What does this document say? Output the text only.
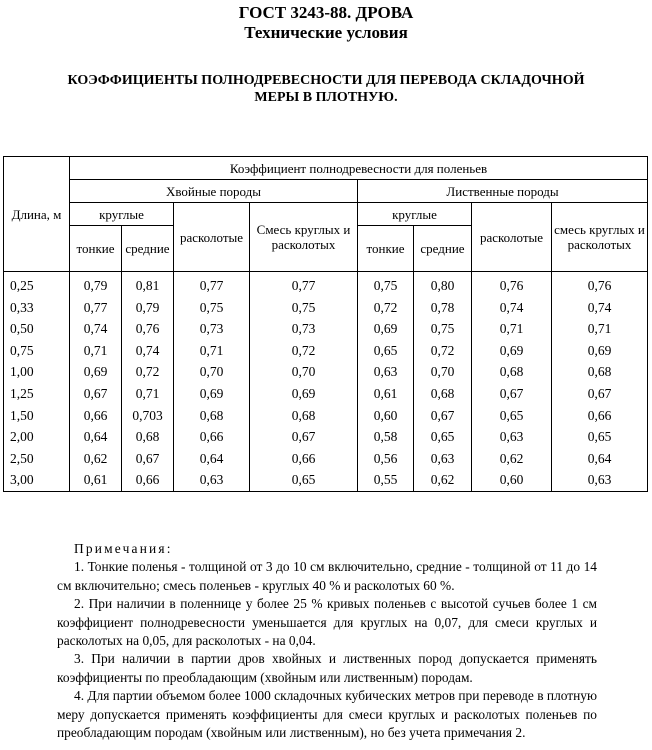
ГОСТ 3243-88. ДРОВА
Технические условия
КОЭФФИЦИЕНТЫ ПОЛНОДРЕВЕСНОСТИ ДЛЯ ПЕРЕВОДА СКЛАДОЧНОЙ
МЕРЫ В ПЛОТНУЮ.
Длина, м	Коэффициент полнодревесности для поленьев							
	Хвойные породы				Лиственные породы			
	круглые		расколотые	Смесь круглых и расколотых	круглые		расколотые	смесь круглых и расколотых
	тонкие	средние			тонкие	средние		
0,25	0,79	0,81	0,77	0,77	0,75	0,80	0,76	0,76
0,33	0,77	0,79	0,75	0,75	0,72	0,78	0,74	0,74
0,50	0,74	0,76	0,73	0,73	0,69	0,75	0,71	0,71
0,75	0,71	0,74	0,71	0,72	0,65	0,72	0,69	0,69
1,00	0,69	0,72	0,70	0,70	0,63	0,70	0,68	0,68
1,25	0,67	0,71	0,69	0,69	0,61	0,68	0,67	0,67
1,50	0,66	0,703	0,68	0,68	0,60	0,67	0,65	0,66
2,00	0,64	0,68	0,66	0,67	0,58	0,65	0,63	0,65
2,50	0,62	0,67	0,64	0,66	0,56	0,63	0,62	0,64
3,00	0,61	0,66	0,63	0,65	0,55	0,62	0,60	0,63

Примечания:

1. Тонкие поленья - толщиной от 3 до 10 см включительно, средние - толщиной от 11 до 14 см включительно; смесь поленьев - круглых 40 % и расколотых 60 %.

2. При наличии в поленнице у более 25 % кривых поленьев с высотой сучьев более 1 см коэффициент полнодревесности уменьшается для круглых на 0,07, для смеси круглых и расколотых на 0,05, для расколотых - на 0,04.

3. При наличии в партии дров хвойных и лиственных пород допускается применять коэффициенты по преобладающим (хвойным или лиственным) породам.

4. Для партии объемом более 1000 складочных кубических метров при переводе в плотную меру допускается применять коэффициенты для смеси круглых и расколотых поленьев по преобладающим породам (хвойным или лиственным), но без учета примечания 2.
